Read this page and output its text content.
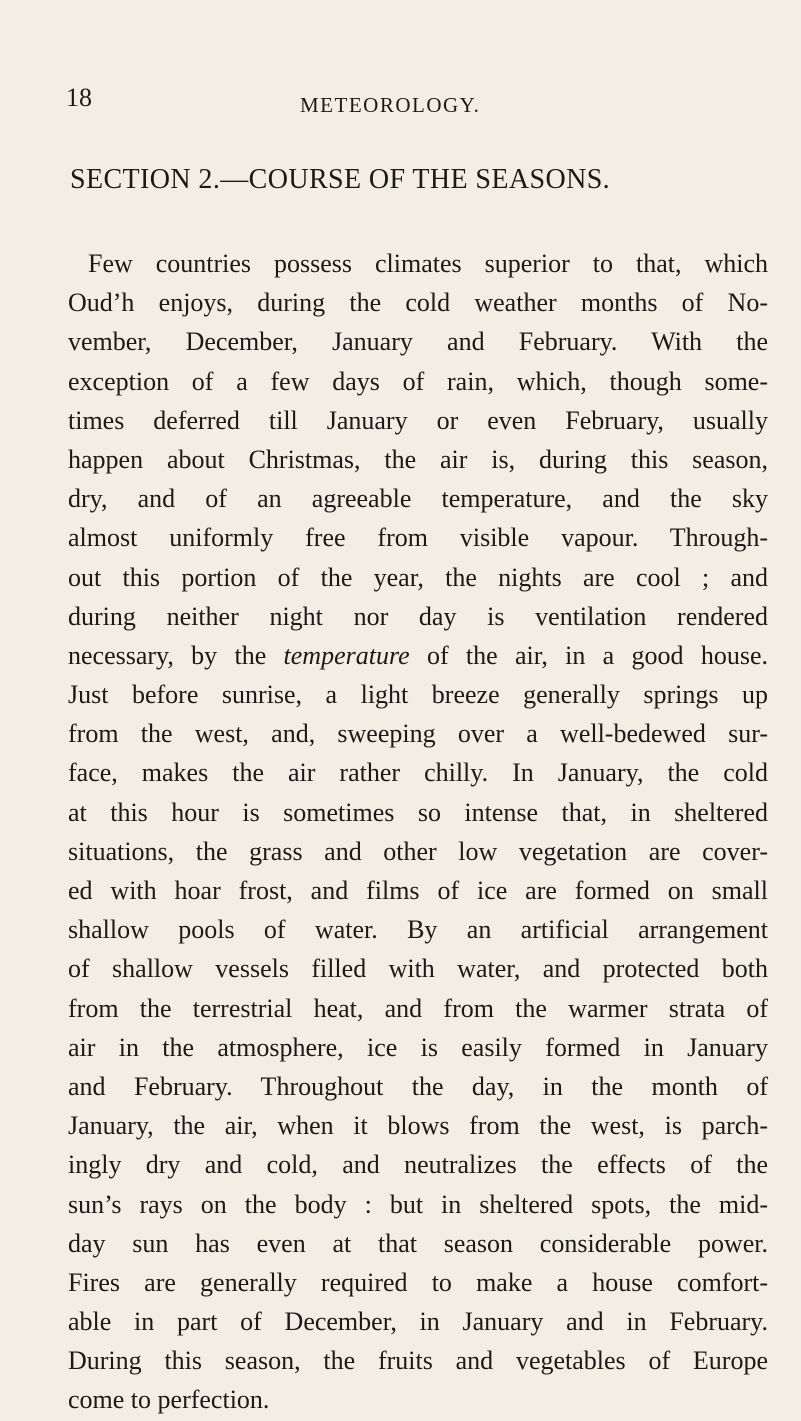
18	METEOROLOGY.
SECTION 2.—COURSE OF THE SEASONS.
Few countries possess climates superior to that, which
Oud’h enjoys, during the cold weather months of No-
vember, December, January and February. With the
exception of a few days of rain, which, though some-
times deferred till January or even February, usually
happen about Christmas, the air is, during this season,
dry, and of an agreeable temperature, and the sky
almost uniformly free from visible vapour. Through-
out this portion of the year, the nights are cool ; and
during neither night nor day is ventilation rendered
necessary, by the temperature of the air, in a good house.
Just before sunrise, a light breeze generally springs up
from the west, and, sweeping over a well-bedewed sur-
face, makes the air rather chilly. In January, the cold
at this hour is sometimes so intense that, in sheltered
situations, the grass and other low vegetation are cover-
ed with hoar frost, and films of ice are formed on small
shallow pools of water. By an artificial arrangement
of shallow vessels filled with water, and protected both
from the terrestrial heat, and from the warmer strata of
air in the atmosphere, ice is easily formed in January
and February. Throughout the day, in the month of
January, the air, when it blows from the west, is parch-
ingly dry and cold, and neutralizes the effects of the
sun’s rays on the body : but in sheltered spots, the mid-
day sun has even at that season considerable power.
Fires are generally required to make a house comfort-
able in part of December, in January and in February.
During this season, the fruits and vegetables of Europe
come to perfection.
